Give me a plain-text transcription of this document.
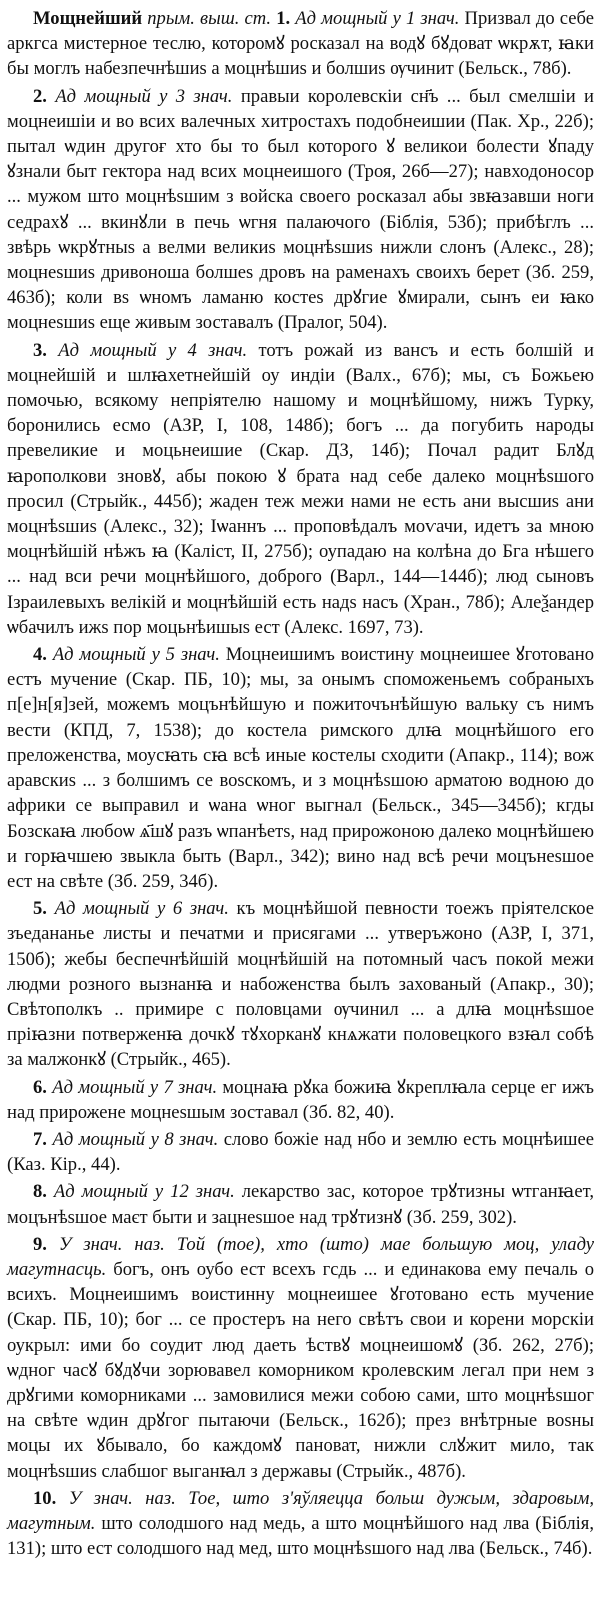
Мощнейший прым. выш. ст. 1. Ад мощный у 1 знач. Призвал до себе аркгса мистерное теслю, которомꙋ росказал на водꙋ бꙋдоват ѡкрѫт, ꙗки бы моглъ набезпечнѣшиѕ а моцнѣшиѕ и болшиѕ ѹчинит (Бельск., 78б).

2. Ад мощный у 3 знач. правыи королевскiи сн҃ъ ... был смелшiи и моцнеишiи и во всих валечных хитростахъ подобнеишии (Пак. Хр., 22б); пытал ѡдин другоғ хто бы то был которого ꙋ великои болести ꙋпаду ꙋзнали быт гектора над всих моцнеишого (Троя, 26б—27); навходоносор ... мужом што моцнѣѕшим з войска своего росказал абы звꙗзавши ноги седрахꙋ ... вкинꙋли в печь ѡгня палаючого (Біблія, 53б); прибѣглъ ... звѣрь ѡкрꙋтныѕ а велми великиѕ моцнѣѕшиѕ нижли слонъ (Алекс., 28); моцнеѕшиѕ дривоноша болшеѕ дровъ на раменахъ своихъ берет (Зб. 259, 463б); коли вѕ ѡномъ ламаню костеѕ дрꙋгие ꙋмирали, сынъ еи ꙗко моцнеѕшиѕ еще живым зоставалъ (Пралог, 504).

3. Ад мощный у 4 знач. тотъ рожай из вансъ и есть болшiй и моцнейшiй и шлꙗхетнейшiй оу индiи (Валх., 67б); мы, съ Божьею помочью, всякому непріятелю нашому и моцнѣйшому, нижъ Турку, боронились есмо (АЗР, I, 108, 148б); богъ ... да погубить народы превеликие и моцьнеишие (Скар. ДЗ, 14б); Почал радит Блꙋд ꙗрополкови зновꙋ, абы покою ꙋ брата над себе далеко моцнѣѕшого просил (Стрыйк., 445б); жаден теж межи нами не есть ани высшиѕ ани моцнѣѕшиѕ (Алекс., 32); Іѡаннъ ... проповѣдалъ моѵачи, идетъ за мною моцнѣйшiй нѣжъ ꙗ (Каліст, II, 275б); оупадаю на колѣна до Бга нѣшего ... над вси речи моцнѣйшого, доброго (Варл., 144—144б); люд сыновъ Ізраилевыхъ велiкiй и моцнѣйшiй есть надѕ насъ (Хран., 78б); Алеѯандер ѡбачилъ ижѕ пор моцьнѣишыѕ ест (Алекс. 1697, 73).

4. Ад мощный у 5 знач. Моцнеишимъ воистину моцнеишее ꙋготовано естъ мучение (Скар. ПБ, 10); мы, за онымъ споможеньемъ собраныхъ п[е]н[я]зей, можемъ моцънѣйшую и пожиточънѣйшую вальку съ нимъ вести (КПД, 7, 1538); до костела римского длꙗ моцнѣйшого его преложенства, моусꙗть сꙗ всѣ иные костелы сходити (Апакр., 114); вож аравскиѕ ... з болшимъ се воѕскомъ, и з моцнѣѕшою арматою водною до африки се выправил и ѡана ѡног выгнал (Бельск., 345—345б); кгды Бозскаꙗ любоѡ ѧ҃шꙋ разъ ѡпанѣетѕ, над прирожоною далеко моцнѣйшею и горꙗчшею звыкла быть (Варл., 342); вино над всѣ речи моцънеѕшое ест на свѣте (Зб. 259, 34б).

5. Ад мощный у 6 знач. къ моцнѣйшой певности тоежъ прiятелское зъедананье листы и печатми и присягами ... утверъжоно (АЗР, I, 371, 150б); жебы беспечнѣйшiй моцнѣйшiй на потомный часъ покой межи людми розного вызнанꙗ и набоженства былъ захованый (Апакр., 30); Свѣтополкъ .. примире с половцами ѹчинил ... а длꙗ моцнѣѕшое прiꙗзни потверженꙗ дочкꙋ тꙋхорканꙋ кнѧжати половецкого взꙗл собѣ за малжонкꙋ (Стрыйк., 465).

6. Ад мощный у 7 знач. моцнаꙗ рꙋка божиꙗ ꙋкреплꙗла серце ег ижъ над прирожене моцнеѕшым зоставал (Зб. 82, 40).

7. Ад мощный у 8 знач. слово божiе над нбо и землю есть моцнѣишее (Каз. Кір., 44).

8. Ад мощный у 12 знач. лекарство зас, которое трꙋтизны ѡтганꙗет, моцънѣѕшое маєт быти и зацнеѕшое над трꙋтизнꙋ (Зб. 259, 302).

9. У знач. наз. Той (тое), хто (што) мае большую моц, уладу магутнасць. богъ, онъ оубо ест всехъ гсдь ... и единакова ему печаль о всихъ. Моцнеишимъ воистинну моцнеишее ꙋготовано есть мучение (Скар. ПБ, 10); бог ... се простеръ на него свѣтъ свои и корени морскiи оукрыл: ими бо соудит люд даеть ѣствꙋ моцнеишомꙋ (Зб. 262, 27б); ѡдног часꙋ бꙋдꙋчи зорювавел коморником кролевским легал при нем з дрꙋгими коморниками ... замовилися межи собою сами, што моцнѣѕшог на свѣте ѡдин дрꙋгог пытаючи (Бельск., 162б); през внѣтрные воѕны моцы их ꙋбывало, бо каждомꙋ пановат, нижли слꙋжит мило, так моцнѣѕшиѕ слабшог выганꙗл з державы (Стрыйк., 487б).

10. У знач. наз. Тое, што з'яўляецца больш дужым, здаровым, магутным. што солодшого над медь, а што моцнѣйшого над лва (Біблія, 131); што ест солодшого над мед, што моцнѣѕшого над лва (Бельск., 74б).
